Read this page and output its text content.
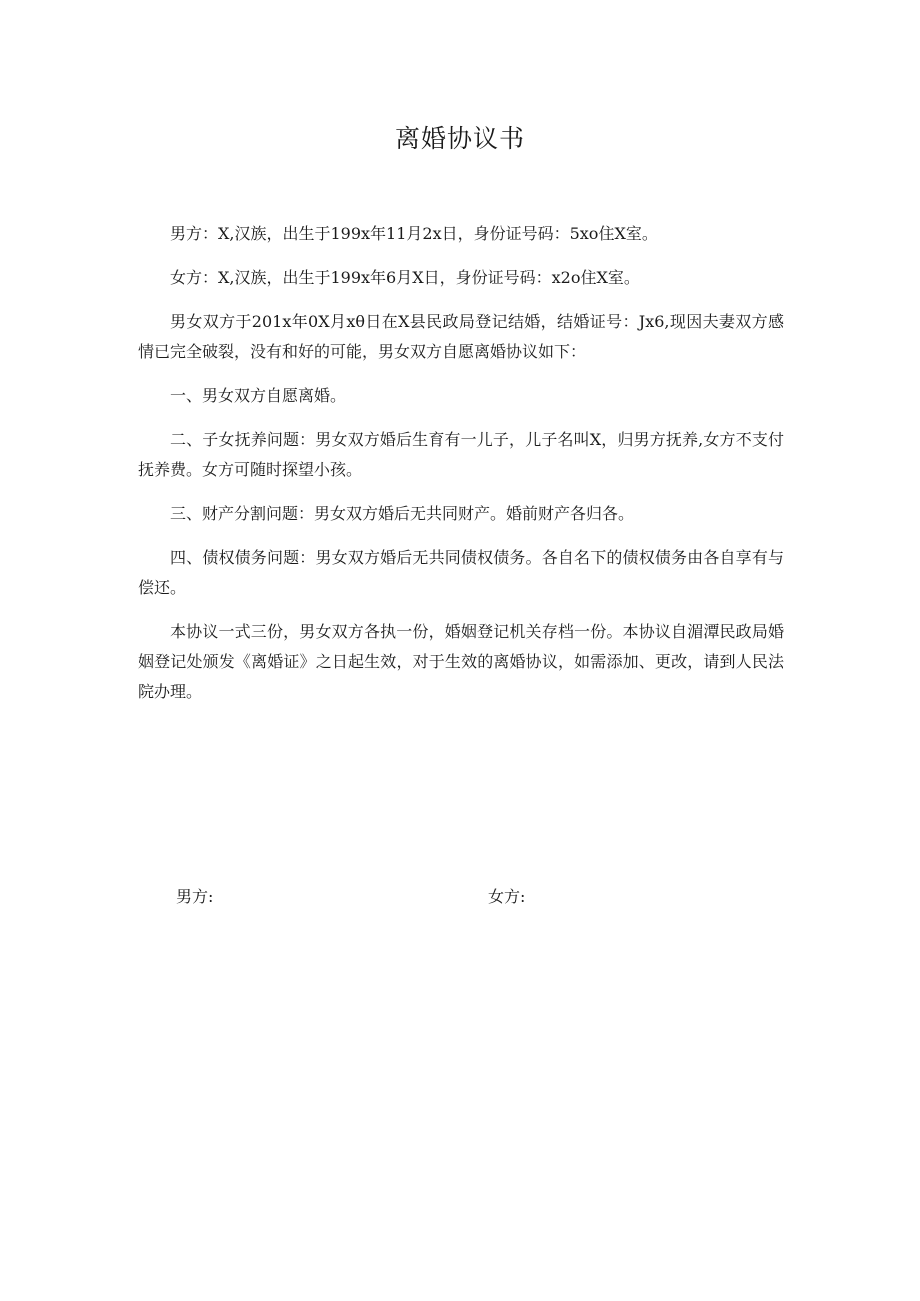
离婚协议书

男方：X,汉族，出生于199x年11月2x日，身份证号码：5xo住X室。

女方：X,汉族，出生于199x年6月X日，身份证号码：x2o住X室。

男女双方于201x年0X月xθ日在X县民政局登记结婚，结婚证号：Jx6,现因夫妻双方感情已完全破裂，没有和好的可能，男女双方自愿离婚协议如下：

一、男女双方自愿离婚。

二、子女抚养问题：男女双方婚后生育有一儿子，儿子名叫X，归男方抚养,女方不支付抚养费。女方可随时探望小孩。

三、财产分割问题：男女双方婚后无共同财产。婚前财产各归各。

四、债权债务问题：男女双方婚后无共同债权债务。各自名下的债权债务由各自享有与偿还。

本协议一式三份，男女双方各执一份，婚姻登记机关存档一份。本协议自湄潭民政局婚姻登记处颁发《离婚证》之日起生效，对于生效的离婚协议，如需添加、更改，请到人民法院办理。

男方:	女方:
